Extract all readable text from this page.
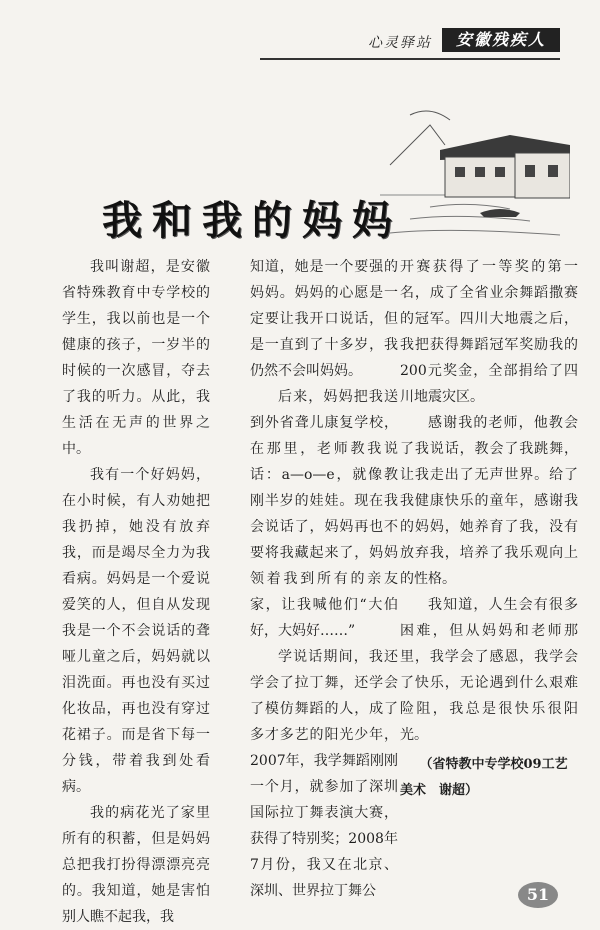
心灵驿站	安徽残疾人
我和我的妈妈

我叫谢超，是安徽省特殊教育中专学校的学生，我以前也是一个健康的孩子，一岁半的时候的一次感冒，夺去了我的听力。从此，我生活在无声的世界之中。

我有一个好妈妈，在小时候，有人劝她把我扔掉，她没有放弃我，而是竭尽全力为我看病。妈妈是一个爱说爱笑的人，但自从发现我是一个不会说话的聋哑儿童之后，妈妈就以泪洗面。再也没有买过化妆品，再也没有穿过花裙子。而是省下每一分钱，带着我到处看病。

我的病花光了家里所有的积蓄，但是妈妈总把我打扮得漂漂亮亮的。我知道，她是害怕别人瞧不起我，我

知道，她是一个要强的妈妈。妈妈的心愿是一定要让我开口说话，但是一直到了十多岁，我仍然不会叫妈妈。

后来，妈妈把我送到外省聋儿康复学校，在那里，老师教我说话：a—o—e，就像教刚半岁的娃娃。现在我会说话了，妈妈再也不要将我藏起来了，妈妈领着我到所有的亲友家，让我喊他们“大伯好，大妈好……”

学说话期间，我还学会了拉丁舞，还学会了模仿舞蹈的人，成了多才多艺的阳光少年，2007年，我学舞蹈刚刚一个月，就参加了深圳国际拉丁舞表演大赛，获得了特别奖；2008年7月份，我又在北京、深圳、世界拉丁舞公

开赛获得了一等奖的第一名，成了全省业余舞蹈撒赛的冠军。四川大地震之后，我把获得舞蹈冠军奖励我的200元奖金，全部捐给了四川地震灾区。

感谢我的老师，他教会了我说话，教会了我跳舞，让我走出了无声世界。给了我健康快乐的童年，感谢我的妈妈，她养育了我，没有放弃我，培养了我乐观向上的性格。

我知道，人生会有很多困难，但从妈妈和老师那里，我学会了感恩，我学会了快乐，无论遇到什么艰难险阻，我总是很快乐很阳光。

（省特教中专学校09工艺美术　谢超）
51
